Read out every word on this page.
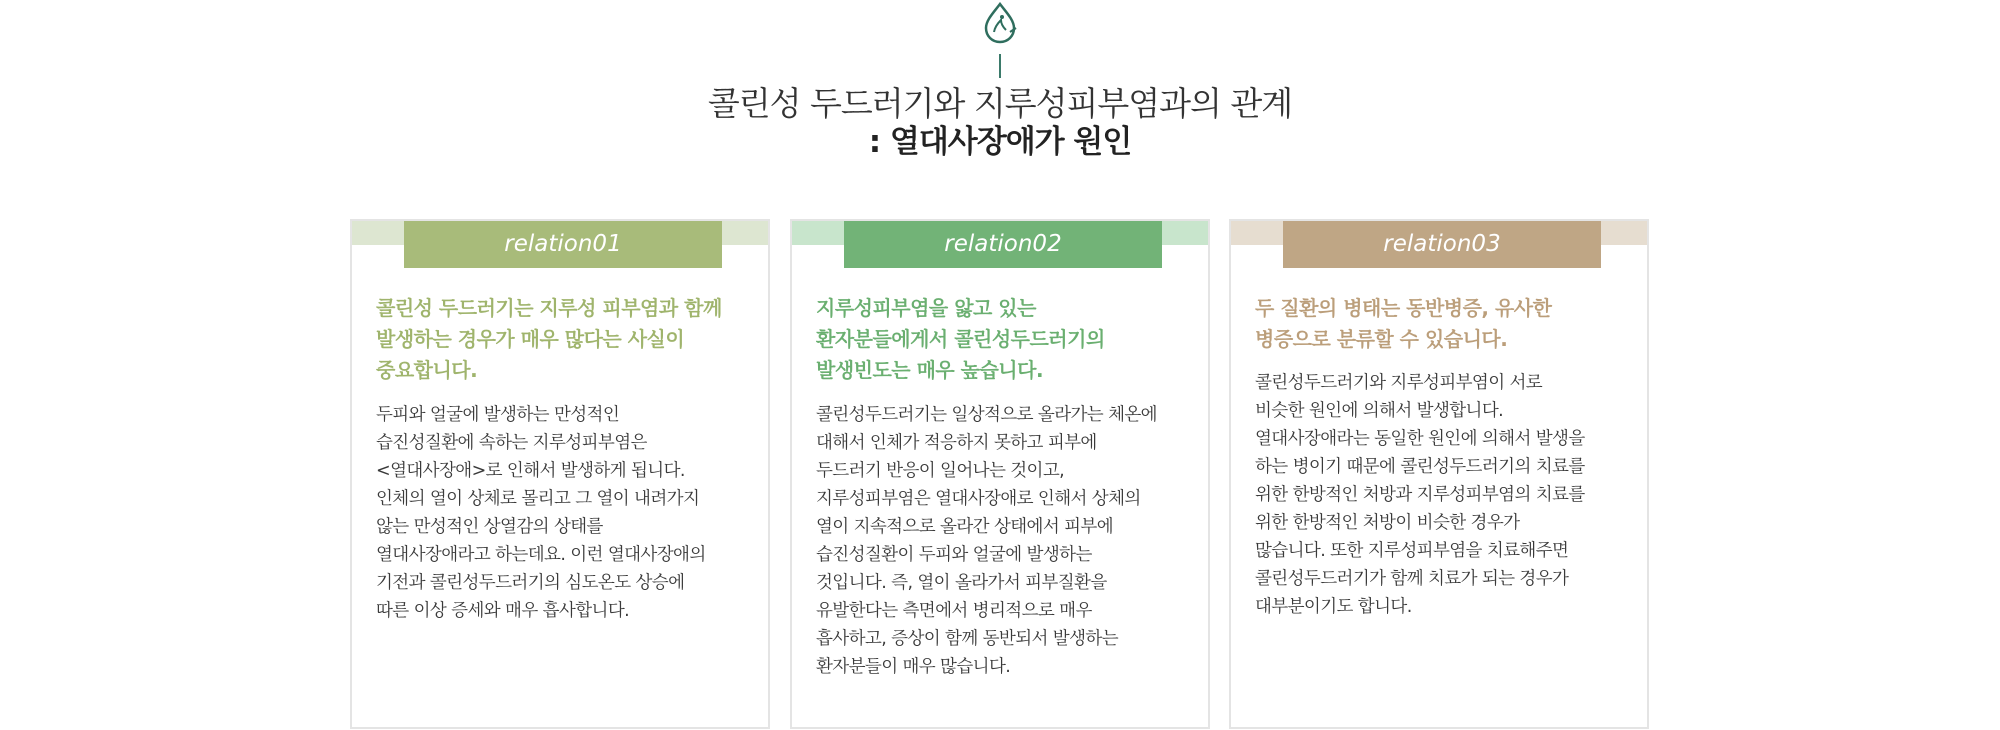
콜린성 두드러기와 지루성피부염과의 관계
: 열대사장애가 원인
relation01
콜린성 두드러기는 지루성 피부염과 함께
발생하는 경우가 매우 많다는 사실이
중요합니다.
두피와 얼굴에 발생하는 만성적인
습진성질환에 속하는 지루성피부염은
<열대사장애>로 인해서 발생하게 됩니다.
인체의 열이 상체로 몰리고 그 열이 내려가지
않는 만성적인 상열감의 상태를
열대사장애라고 하는데요. 이런 열대사장애의
기전과 콜린성두드러기의 심도온도 상승에
따른 이상 증세와 매우 흡사합니다.
relation02
지루성피부염을 앓고 있는
환자분들에게서 콜린성두드러기의
발생빈도는 매우 높습니다.
콜린성두드러기는 일상적으로 올라가는 체온에
대해서 인체가 적응하지 못하고 피부에
두드러기 반응이 일어나는 것이고,
지루성피부염은 열대사장애로 인해서 상체의
열이 지속적으로 올라간 상태에서 피부에
습진성질환이 두피와 얼굴에 발생하는
것입니다. 즉, 열이 올라가서 피부질환을
유발한다는 측면에서 병리적으로 매우
흡사하고, 증상이 함께 동반되서 발생하는
환자분들이 매우 많습니다.
relation03
두 질환의 병태는 동반병증, 유사한
병증으로 분류할 수 있습니다.
콜린성두드러기와 지루성피부염이 서로
비슷한 원인에 의해서 발생합니다.
열대사장애라는 동일한 원인에 의해서 발생을
하는 병이기 때문에 콜린성두드러기의 치료를
위한 한방적인 처방과 지루성피부염의 치료를
위한 한방적인 처방이 비슷한 경우가
많습니다. 또한 지루성피부염을 치료해주면
콜린성두드러기가 함께 치료가 되는 경우가
대부분이기도 합니다.
